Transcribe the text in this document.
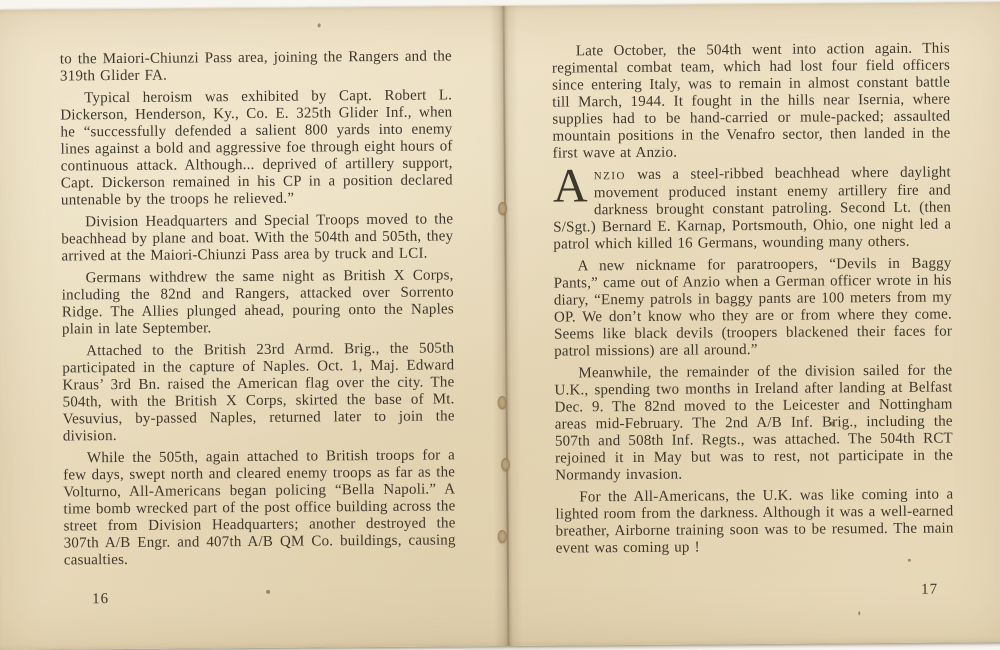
to the Maiori-Chiunzi Pass area, joining the Rangers and the 319th Glider FA.

Typical heroism was exhibited by Capt. Robert L. Dickerson, Henderson, Ky., Co. E. 325th Glider Inf., when he “successfully defended a salient 800 yards into enemy lines against a bold and aggressive foe through eight hours of continuous attack. Although... deprived of artillery support, Capt. Dickerson remained in his CP in a position declared untenable by the troops he relieved.”

Division Headquarters and Special Troops moved to the beachhead by plane and boat. With the 504th and 505th, they arrived at the Maiori-Chiunzi Pass area by truck and LCI.

Germans withdrew the same night as British X Corps, including the 82nd and Rangers, attacked over Sorrento Ridge. The Allies plunged ahead, pouring onto the Naples plain in late September.

Attached to the British 23rd Armd. Brig., the 505th participated in the capture of Naples. Oct. 1, Maj. Edward Kraus’ 3rd Bn. raised the American flag over the city. The 504th, with the British X Corps, skirted the base of Mt. Vesuvius, by-passed Naples, returned later to join the division.

While the 505th, again attached to British troops for a few days, swept north and cleared enemy troops as far as the Volturno, All-Americans began policing “Bella Napoli.” A time bomb wrecked part of the post office building across the street from Division Headquarters; another destroyed the 307th A/B Engr. and 407th A/B QM Co. buildings, causing casualties.

Late October, the 504th went into action again. This regimental combat team, which had lost four field officers since entering Italy, was to remain in almost constant battle till March, 1944. It fought in the hills near Isernia, where supplies had to be hand-carried or mule-packed; assaulted mountain positions in the Venafro sector, then landed in the first wave at Anzio.

ANZIO was a steel-ribbed beachhead where daylight movement produced instant enemy artillery fire and darkness brought constant patroling. Second Lt. (then S/Sgt.) Bernard E. Karnap, Portsmouth, Ohio, one night led a patrol which killed 16 Germans, wounding many others.

A new nickname for paratroopers, “Devils in Baggy Pants,” came out of Anzio when a German officer wrote in his diary, “Enemy patrols in baggy pants are 100 meters from my OP. We don’t know who they are or from where they come. Seems like black devils (troopers blackened their faces for patrol missions) are all around.”

Meanwhile, the remainder of the division sailed for the U.K., spending two months in Ireland after landing at Belfast Dec. 9. The 82nd moved to the Leicester and Nottingham areas mid-February. The 2nd A/B Inf. Brig., including the 507th and 508th Inf. Regts., was attached. The 504th RCT rejoined it in May but was to rest, not participate in the Normandy invasion.

For the All-Americans, the U.K. was like coming into a lighted room from the darkness. Although it was a well-earned breather, Airborne training soon was to be resumed. The main event was coming up !

16
17
